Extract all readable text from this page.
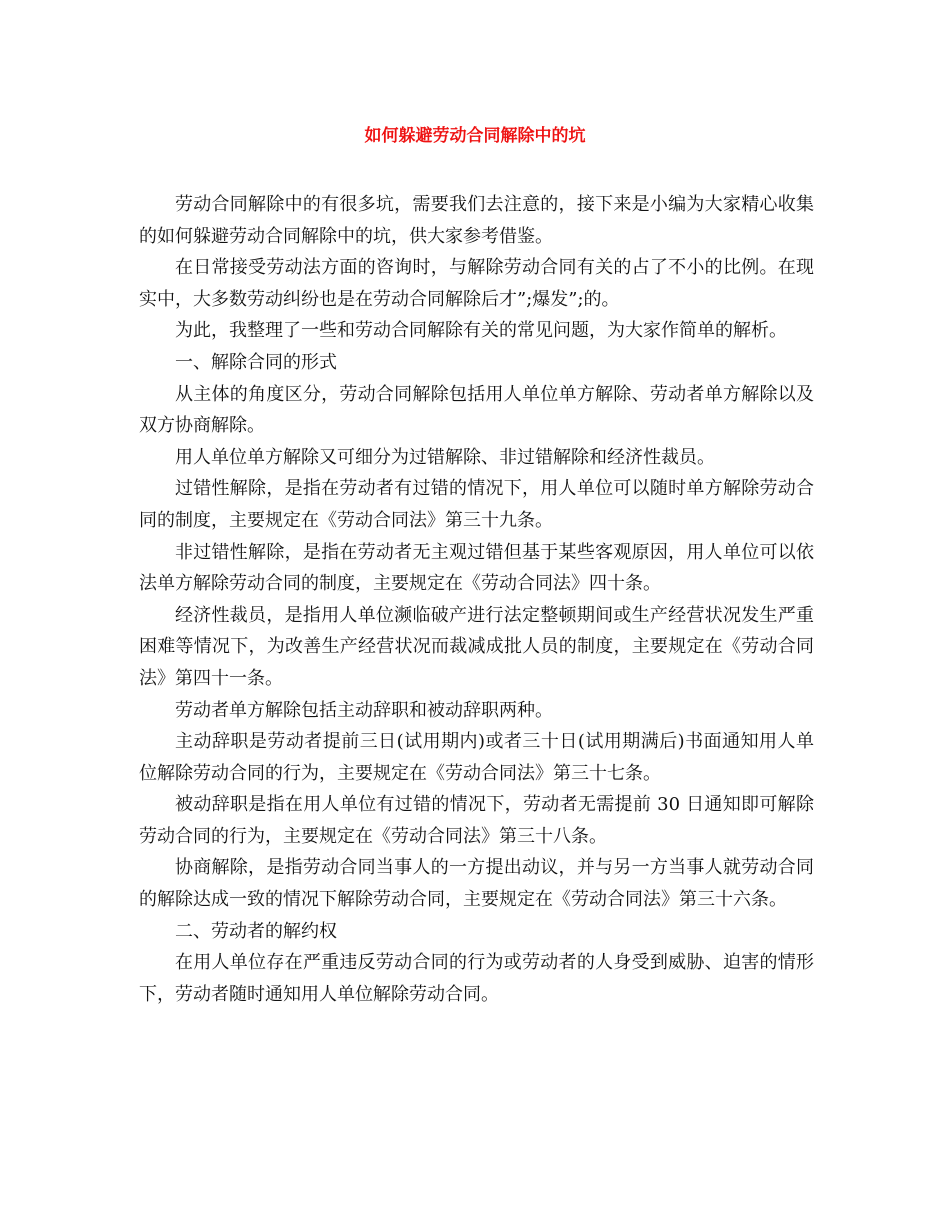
如何躲避劳动合同解除中的坑

劳动合同解除中的有很多坑，需要我们去注意的，接下来是小编为大家精心收集的如何躲避劳动合同解除中的坑，供大家参考借鉴。

在日常接受劳动法方面的咨询时，与解除劳动合同有关的占了不小的比例。在现实中，大多数劳动纠纷也是在劳动合同解除后才”;爆发”;的。

为此，我整理了一些和劳动合同解除有关的常见问题，为大家作简单的解析。

一、解除合同的形式

从主体的角度区分，劳动合同解除包括用人单位单方解除、劳动者单方解除以及双方协商解除。

用人单位单方解除又可细分为过错解除、非过错解除和经济性裁员。

过错性解除，是指在劳动者有过错的情况下，用人单位可以随时单方解除劳动合同的制度，主要规定在《劳动合同法》第三十九条。

非过错性解除，是指在劳动者无主观过错但基于某些客观原因，用人单位可以依法单方解除劳动合同的制度，主要规定在《劳动合同法》四十条。

经济性裁员，是指用人单位濒临破产进行法定整顿期间或生产经营状况发生严重困难等情况下，为改善生产经营状况而裁减成批人员的制度，主要规定在《劳动合同法》第四十一条。

劳动者单方解除包括主动辞职和被动辞职两种。

主动辞职是劳动者提前三日(试用期内)或者三十日(试用期满后)书面通知用人单位解除劳动合同的行为，主要规定在《劳动合同法》第三十七条。

被动辞职是指在用人单位有过错的情况下，劳动者无需提前 30 日通知即可解除劳动合同的行为，主要规定在《劳动合同法》第三十八条。

协商解除，是指劳动合同当事人的一方提出动议，并与另一方当事人就劳动合同的解除达成一致的情况下解除劳动合同，主要规定在《劳动合同法》第三十六条。

二、劳动者的解约权

在用人单位存在严重违反劳动合同的行为或劳动者的人身受到威胁、迫害的情形下，劳动者随时通知用人单位解除劳动合同。
